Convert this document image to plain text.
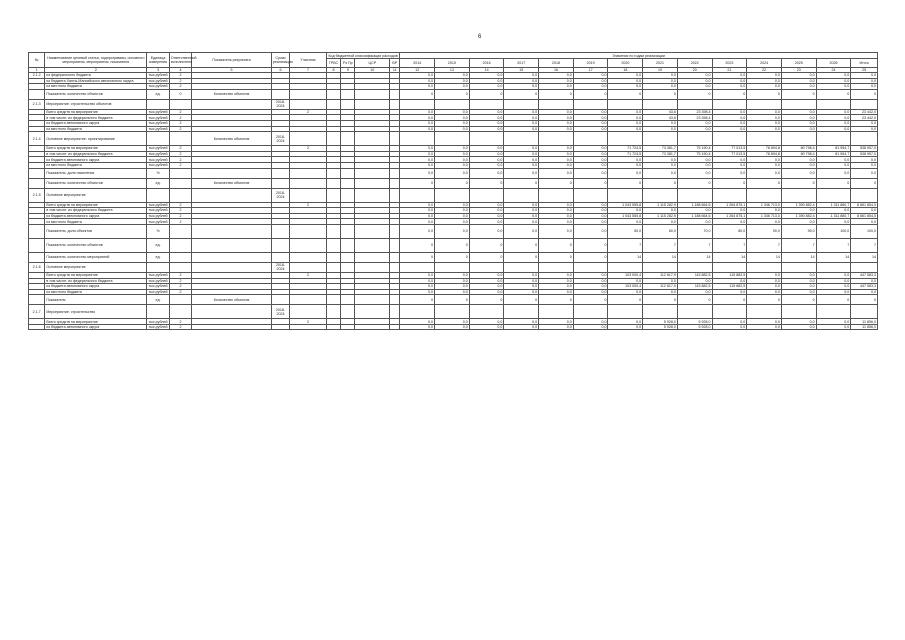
6
№	Наименование целевой статьи, подпрограммы, основного мероприятия, мероприятия, показателя	Единица измерения	Ответственный исполнитель	Показатель результата	Сроки реализации	Участник	Код бюджетной классификации расходов				Значения по годам реализации													
							ГРБС	Рз Пр	ЦСР	ВР	2014	2015	2016	2017	2018	2019	2020	2021	2022	2023	2024	2025	2026	Итого
1	2	3	4	5	6	7	8	9	10	11	12	13	14	15	16	17	18	19	20	21	22	23	24	25
2.1.2	из федерального бюджета	тыс.рублей	2								0,0	0,0	0,0	0,0	0,0	0,0	0,0	0,0	0,0	0,0	0,0	0,0	0,0	0,0
	из бюджета Ханты-Мансийского автономного округа	тыс.рублей	2								0,0	0,0	0,0	0,0	0,0	0,0	0,0	0,0	0,0	0,0	0,0	0,0	0,0	0,0
	из местного бюджета	тыс.рублей	2								0,0	0,0	0,0	0,0	0,0	0,0	0,0	0,0	0,0	0,0	0,0	0,0	0,0	0,0
	Показатель: количество объектов	ед.	0	Количество объектов							0	0	0	0	0	0	0	0	0	0	0	0	0	0
2.1.3	Мероприятие: строительство объектов				2018-2024																			
	Всего средств на мероприятие	тыс.рублей	2			2					0,0	0,0	0,0	0,0	0,0	0,0	0,0	43,6	23 398,4	0,0	0,0	0,0	0,0	23 442,0
	в том числе: из федерального бюджета	тыс.рублей	2								0,0	0,0	0,0	0,0	0,0	0,0	0,0	43,6	23 398,4	0,0	0,0	0,0	0,0	23 442,0
	из бюджета автономного округа	тыс.рублей	2								0,0	0,0	0,0	0,0	0,0	0,0	0,0	0,0	0,0	0,0	0,0	0,0	0,0	0,0
	из местного бюджета	тыс.рублей	2								0,0	0,0	0,0	0,0	0,0	0,0	0,0	0,0	0,0	0,0	0,0	0,0	0,0	0,0
2.1.4	Основное мероприятие: проектирование			Количество объектов	2018-2024																			
	Всего средств на мероприятие	тыс.рублей	2			2					0,0	0,0	0,0	0,0	0,0	0,0	71 724,5	73 381,7	75 190,4	77 013,5	78 894,8	80 798,4	81 954,7	538 957,0
	в том числе: из федерального бюджета	тыс.рублей	2								0,0	0,0	0,0	0,0	0,0	0,0	71 724,5	73 381,7	75 190,4	77 013,5	78 894,8	80 798,4	81 954,7	538 957,0
	из бюджета автономного округа	тыс.рублей	2								0,0	0,0	0,0	0,0	0,0	0,0	0,0	0,0	0,0	0,0	0,0	0,0	0,0	0,0
	из местного бюджета	тыс.рублей	2								0,0	0,0	0,0	0,0	0,0	0,0	0,0	0,0	0,0	0,0	0,0	0,0	0,0	0,0
	Показатель: доля населения	%									0,0	0,0	0,0	0,0	0,0	0,0	0,0	0,0	0,0	0,0	0,0	0,0	0,0	0,0
	Показатель: количество объектов	ед.		Количество объектов							0	0	0	0	0	0	0	0	0	0	0	0	0	0
2.1.5	Основное мероприятие				2018-2024																			
	Всего средств на мероприятие	тыс.рублей	2			2					0,0	0,0	0,0	0,0	0,0	0,0	1 043 555,8	1 115 282,9	1 188 664,6	1 264 875,1	1 346 713,0	1 390 882,4	1 311 880,7	8 661 854,5
	в том числе: из федерального бюджета	тыс.рублей	2								0,0	0,0	0,0	0,0	0,0	0,0	0,0	0,0	0,0	0,0	0,0	0,0	0,0	0,0
	из бюджета автономного округа	тыс.рублей	2								0,0	0,0	0,0	0,0	0,0	0,0	1 043 555,8	1 115 282,9	1 188 664,6	1 264 875,1	1 346 713,0	1 390 882,4	1 311 880,7	8 661 854,5
	из местного бюджета	тыс.рублей	2								0,0	0,0	0,0	0,0	0,0	0,0	0,0	0,0	0,0	0,0	0,0	0,0	0,0	0,0
	Показатель: доля объектов	%									0,0	0,0	0,0	0,0	0,0	0,0	50,0	60,0	70,0	80,0	90,0	95,0	100,0	100,0
	Показатель: количество объектов	ед.									0	0	0	0	0	0	7	7	7	7	7	7	7	7
	Показатель: количество мероприятий	ед.									0	0	0	0	0	0	14	14	14	14	14	14	14	14
2.1.6	Основное мероприятие				2018-2024																			
	Всего средств на мероприятие	тыс.рублей	2			2					0,0	0,0	0,0	0,0	0,0	0,0	103 000,4	112 817,9	115 882,5	115 882,5	0,0	0,0	0,0	447 583,3
	в том числе: из федерального бюджета	тыс.рублей	2								0,0	0,0	0,0	0,0	0,0	0,0	0,0	0,0	0,0	0,0	0,0	0,0	0,0	0,0
	из бюджета автономного округа	тыс.рублей	2								0,0	0,0	0,0	0,0	0,0	0,0	103 000,4	112 817,9	115 882,5	115 882,5	0,0	0,0	0,0	447 583,3
	из местного бюджета	тыс.рублей	2								0,0	0,0	0,0	0,0	0,0	0,0	0,0	0,0	0,0	0,0	0,0	0,0	0,0	0,0
	Показатель	ед.		Количество объектов							0	0	0	0	0	0	0	0	0	0	0	0	0	0
2.1.7	Мероприятие: строительство				2018-2024																			
	Всего средств на мероприятие	тыс.рублей	2			2					0,0	0,0	0,0	0,0	0,0	0,0	0,0	5 928,0	5 928,0	0,0	0,0	0,0	0,0	11 856,0
	из бюджета автономного округа	тыс.рублей	2								0,0	0,0	0,0	0,0	0,0	0,0	0,0	5 928,0	5 928,0	0,0	0,0	0,0	0,0	11 856,0
